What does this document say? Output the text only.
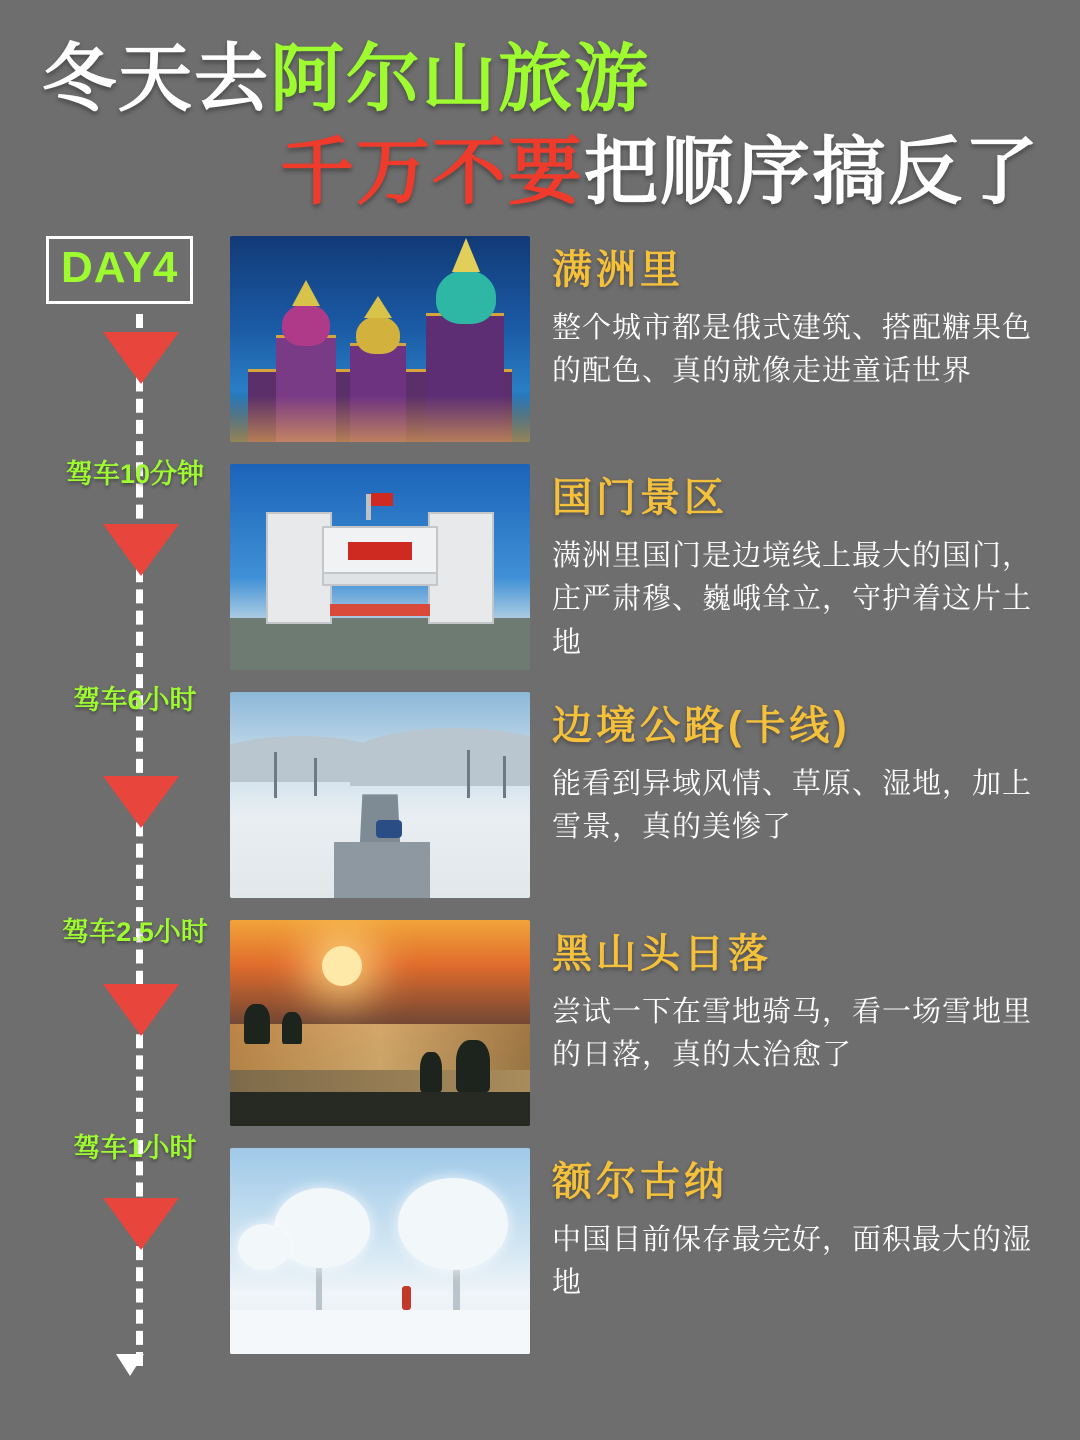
冬天去阿尔山旅游
千万不要把顺序搞反了
DAY4
驾车10分钟
驾车6小时
驾车2.5小时
驾车1小时
满洲里
整个城市都是俄式建筑、搭配糖果色的配色、真的就像走进童话世界
国门景区
满洲里国门是边境线上最大的国门，庄严肃穆、巍峨耸立，守护着这片土地
边境公路(卡线)
能看到异域风情、草原、湿地，加上雪景，真的美惨了
黑山头日落
尝试一下在雪地骑马，看一场雪地里的日落，真的太治愈了
额尔古纳
中国目前保存最完好，面积最大的湿地
